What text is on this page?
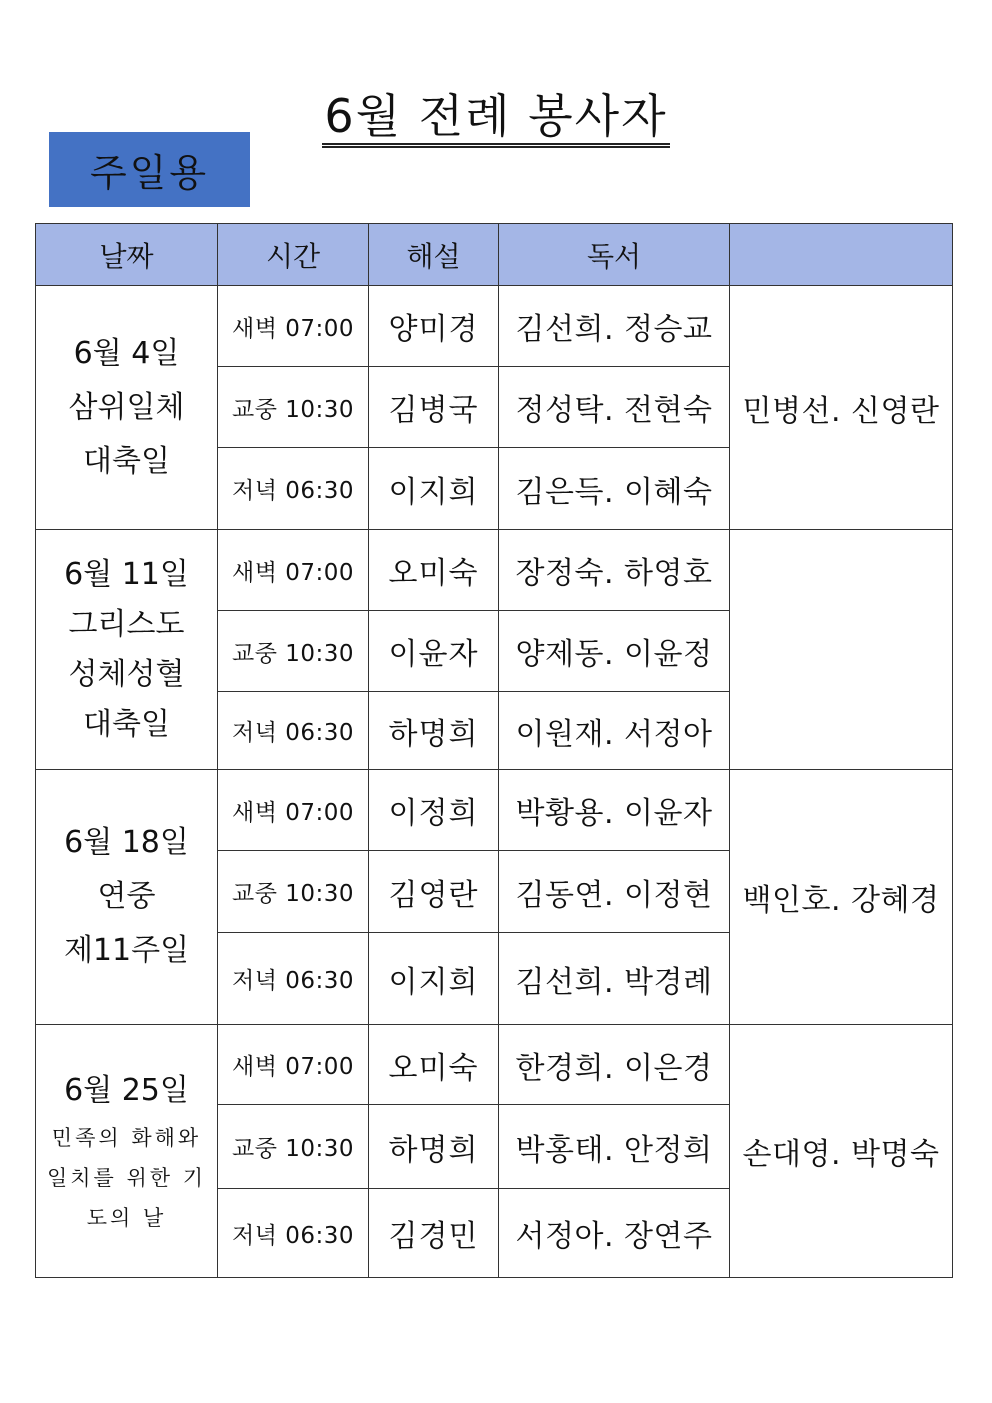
6월 전례 봉사자
주일용
날짜	시간	해설	독서	

6월 4일
삼위일체
대축일	새벽 07:00	양미경	김선희. 정승교	민병선. 신영란
	교중 10:30	김병국	정성탁. 전현숙	
	저녁 06:30	이지희	김은득. 이혜숙	

6월 11일
그리스도
성체성혈
대축일	새벽 07:00	오미숙	장정숙. 하영호	
	교중 10:30	이윤자	양제동. 이윤정	
	저녁 06:30	하명희	이원재. 서정아	

6월 18일
연중
제11주일	새벽 07:00	이정희	박황용. 이윤자	백인호. 강혜경
	교중 10:30	김영란	김동연. 이정현	
	저녁 06:30	이지희	김선희. 박경례	

6월 25일
민족의 화해와
일치를 위한 기
도의 날	새벽 07:00	오미숙	한경희. 이은경	손대영. 박명숙
	교중 10:30	하명희	박홍태. 안정희	
	저녁 06:30	김경민	서정아. 장연주	
